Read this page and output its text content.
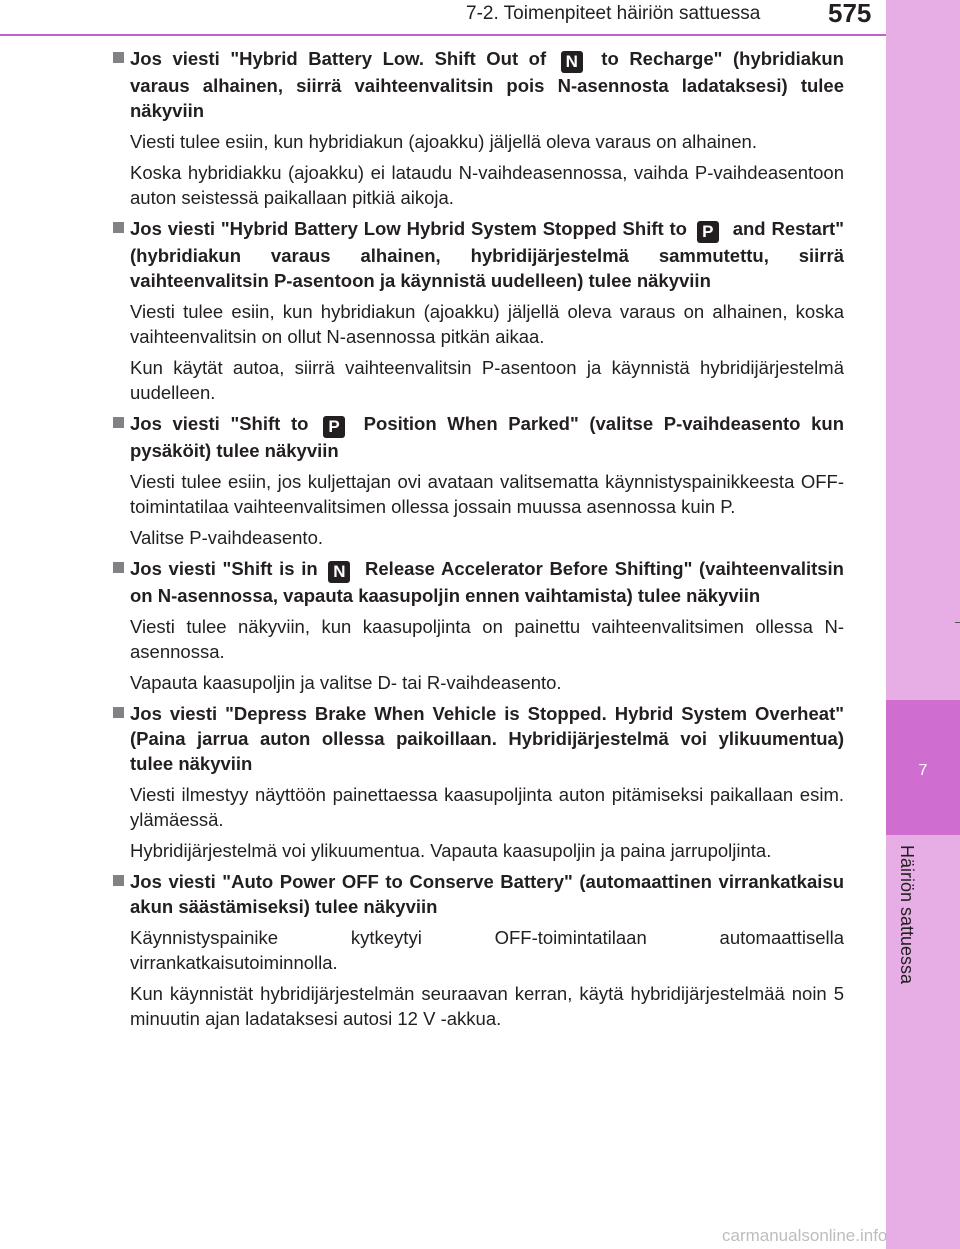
7-2. Toimenpiteet häiriön sattuessa	575
7
Häiriön sattuessa
Jos viesti "Hybrid Battery Low. Shift Out of N to Recharge" (hybridiakun varaus alhainen, siirrä vaihteenvalitsin pois N-asennosta ladataksesi) tulee näkyviin
Viesti tulee esiin, kun hybridiakun (ajoakku) jäljellä oleva varaus on alhainen.
Koska hybridiakku (ajoakku) ei lataudu N-vaihdeasennossa, vaihda P-vaihdeasentoon auton seistessä paikallaan pitkiä aikoja.
Jos viesti "Hybrid Battery Low Hybrid System Stopped Shift to P and Restart" (hybridiakun varaus alhainen, hybridijärjestelmä sammutettu, siirrä vaihteenvalitsin P-asentoon ja käynnistä uudelleen) tulee näkyviin
Viesti tulee esiin, kun hybridiakun (ajoakku) jäljellä oleva varaus on alhainen, koska vaihteenvalitsin on ollut N-asennossa pitkän aikaa.
Kun käytät autoa, siirrä vaihteenvalitsin P-asentoon ja käynnistä hybridijärjestelmä uudelleen.
Jos viesti "Shift to P Position When Parked" (valitse P-vaihdeasento kun pysäköit) tulee näkyviin
Viesti tulee esiin, jos kuljettajan ovi avataan valitsematta käynnistyspainikkeesta OFF-toimintatilaa vaihteenvalitsimen ollessa jossain muussa asennossa kuin P.
Valitse P-vaihdeasento.
Jos viesti "Shift is in N Release Accelerator Before Shifting" (vaihteenvalitsin on N-asennossa, vapauta kaasupoljin ennen vaihtamista) tulee näkyviin
Viesti tulee näkyviin, kun kaasupoljinta on painettu vaihteenvalitsimen ollessa N-asennossa.
Vapauta kaasupoljin ja valitse D- tai R-vaihdeasento.
Jos viesti "Depress Brake When Vehicle is Stopped. Hybrid System Overheat" (Paina jarrua auton ollessa paikoillaan. Hybridijärjestelmä voi ylikuumentua) tulee näkyviin
Viesti ilmestyy näyttöön painettaessa kaasupoljinta auton pitämiseksi paikallaan esim. ylämäessä.
Hybridijärjestelmä voi ylikuumentua. Vapauta kaasupoljin ja paina jarrupoljinta.
Jos viesti "Auto Power OFF to Conserve Battery" (automaattinen virrankatkaisu akun säästämiseksi) tulee näkyviin
Käynnistyspainike kytkeytyi OFF-toimintatilaan automaattisella virrankatkaisutoiminnolla.
Kun käynnistät hybridijärjestelmän seuraavan kerran, käytä hybridijärjestelmää noin 5 minuutin ajan ladataksesi autosi 12 V -akkua.
carmanualsonline.info
